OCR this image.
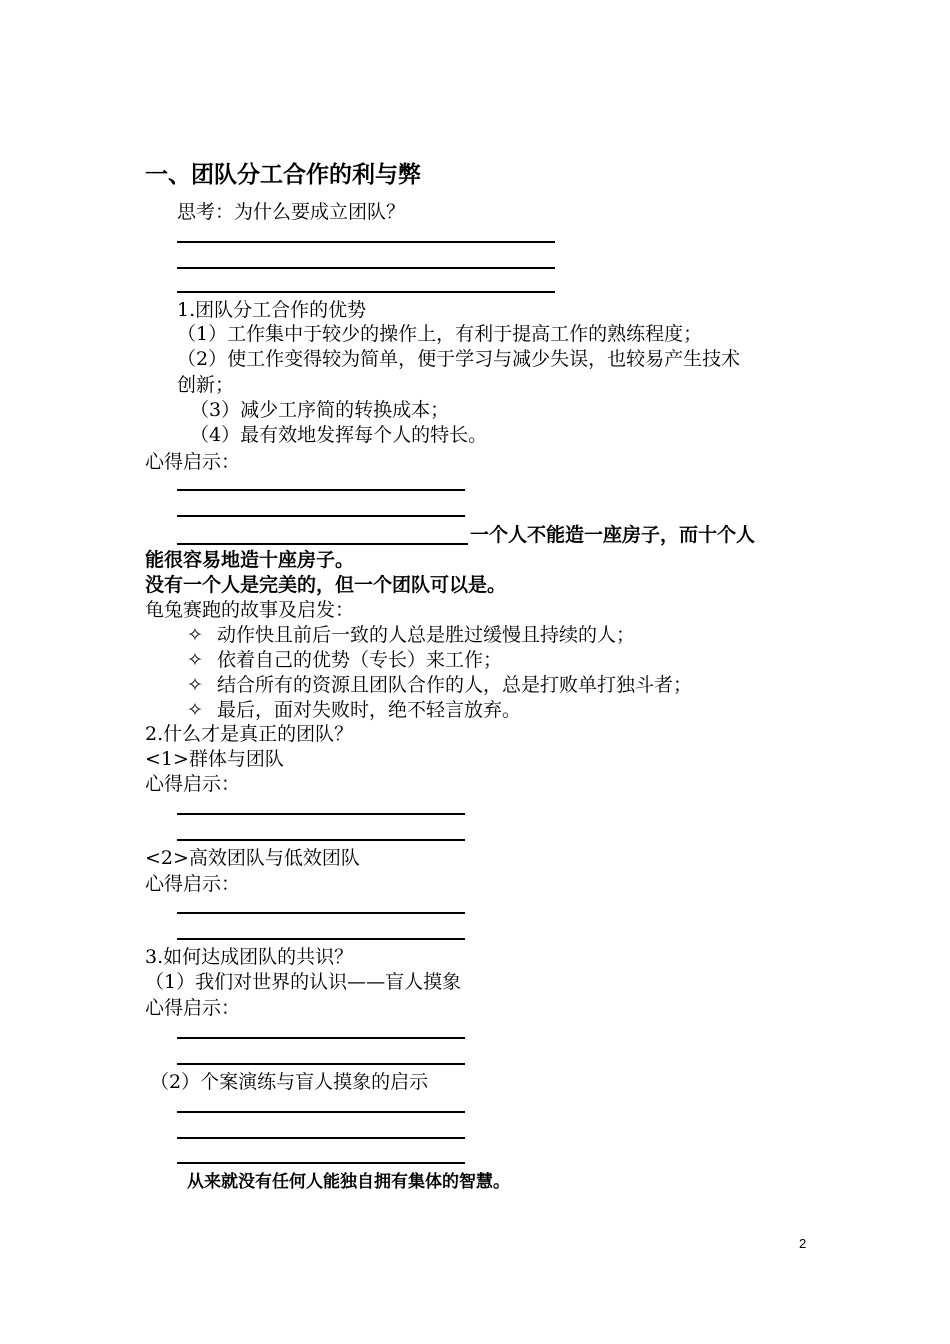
一、团队分工合作的利与弊
思考：为什么要成立团队？
1.团队分工合作的优势
（1）工作集中于较少的操作上，有利于提高工作的熟练程度；
（2）使工作变得较为简单，便于学习与减少失误，也较易产生技术
创新；
（3）减少工序简的转换成本；
（4）最有效地发挥每个人的特长。
心得启示：
一个人不能造一座房子，而十个人
能很容易地造十座房子。
没有一个人是完美的，但一个团队可以是。
龟兔赛跑的故事及启发：
✧ 动作快且前后一致的人总是胜过缓慢且持续的人；
✧ 依着自己的优势（专长）来工作；
✧ 结合所有的资源且团队合作的人，总是打败单打独斗者；
✧ 最后，面对失败时，绝不轻言放弃。
2.什么才是真正的团队？
<1>群体与团队
心得启示：
<2>高效团队与低效团队
心得启示：
3.如何达成团队的共识？
（1）我们对世界的认识——盲人摸象
心得启示：
（2）个案演练与盲人摸象的启示
从来就没有任何人能独自拥有集体的智慧。
2
